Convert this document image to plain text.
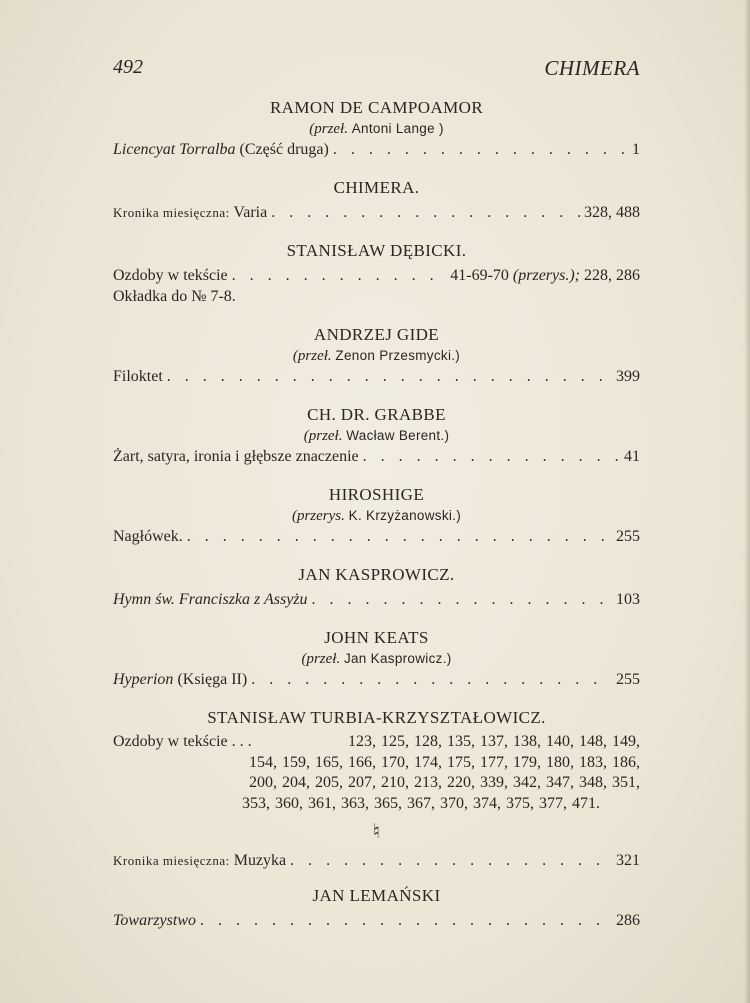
492	CHIMERA
RAMON DE CAMPOAMOR
(przeł. Antoni Lange )
Licencyat Torralba (Część druga) . . .	1
CHIMERA.
Kronika miesięczna: Varia . . .	328, 488
STANISŁAW DĘBICKI.
Ozdoby w tekście . . .	41-69-70 (przerys.); 228, 286
Okładka do № 7-8.
ANDRZEJ GIDE
(przeł. Zenon Przesmycki.)
Filoktet . . .	399
CH. DR. GRABBE
(przeł. Wacław Berent.)
Żart, satyra, ironia i głębsze znaczenie . . .	41
HIROSHIGE
(przerys. K. Krzyżanowski.)
Nagłówek. . . .	255
JAN KASPROWICZ.
Hymn św. Franciszka z Assyżu . . .	103
JOHN KEATS
(przeł. Jan Kasprowicz.)
Hyperion (Księga II) . . .	255
STANISŁAW TURBIA-KRZYSZTAŁOWICZ.
Ozdoby w tekście . . .	123, 125, 128, 135, 137, 138, 140, 148, 149,
154, 159, 165, 166, 170, 174, 175, 177, 179, 180, 183, 186,
200, 204, 205, 207, 210, 213, 220, 339, 342, 347, 348, 351,
353, 360, 361, 363, 365, 367, 370, 374, 375, 377, 471.
♮
Kronika miesięczna: Muzyka . . .	321
JAN LEMAŃSKI
Towarzystwo . . .	286
